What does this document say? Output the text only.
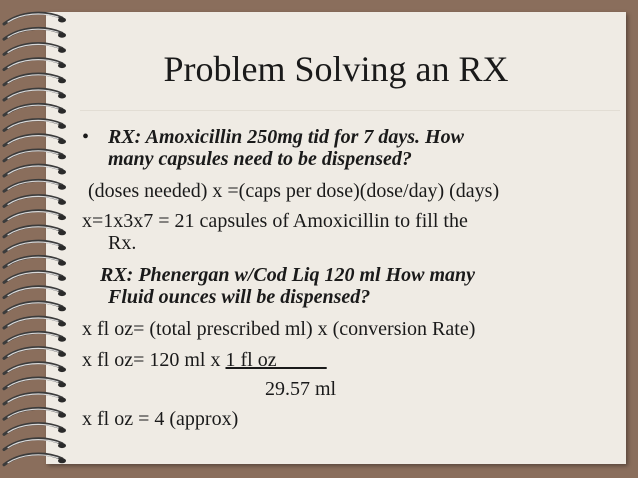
Problem Solving an RX
• RX: Amoxicillin 250mg tid for 7 days. How

many capsules need to be dispensed?

(doses needed) x =(caps per dose)(dose/day) (days)

x=1x3x7 = 21 capsules of Amoxicillin to fill the

Rx.

RX: Phenergan w/Cod Liq 120 ml How many

Fluid ounces will be dispensed?

x fl oz= (total prescribed ml) x (conversion Rate)

x fl oz= 120 ml x 1 fl oz_____

29.57 ml

x fl oz = 4 (approx)
